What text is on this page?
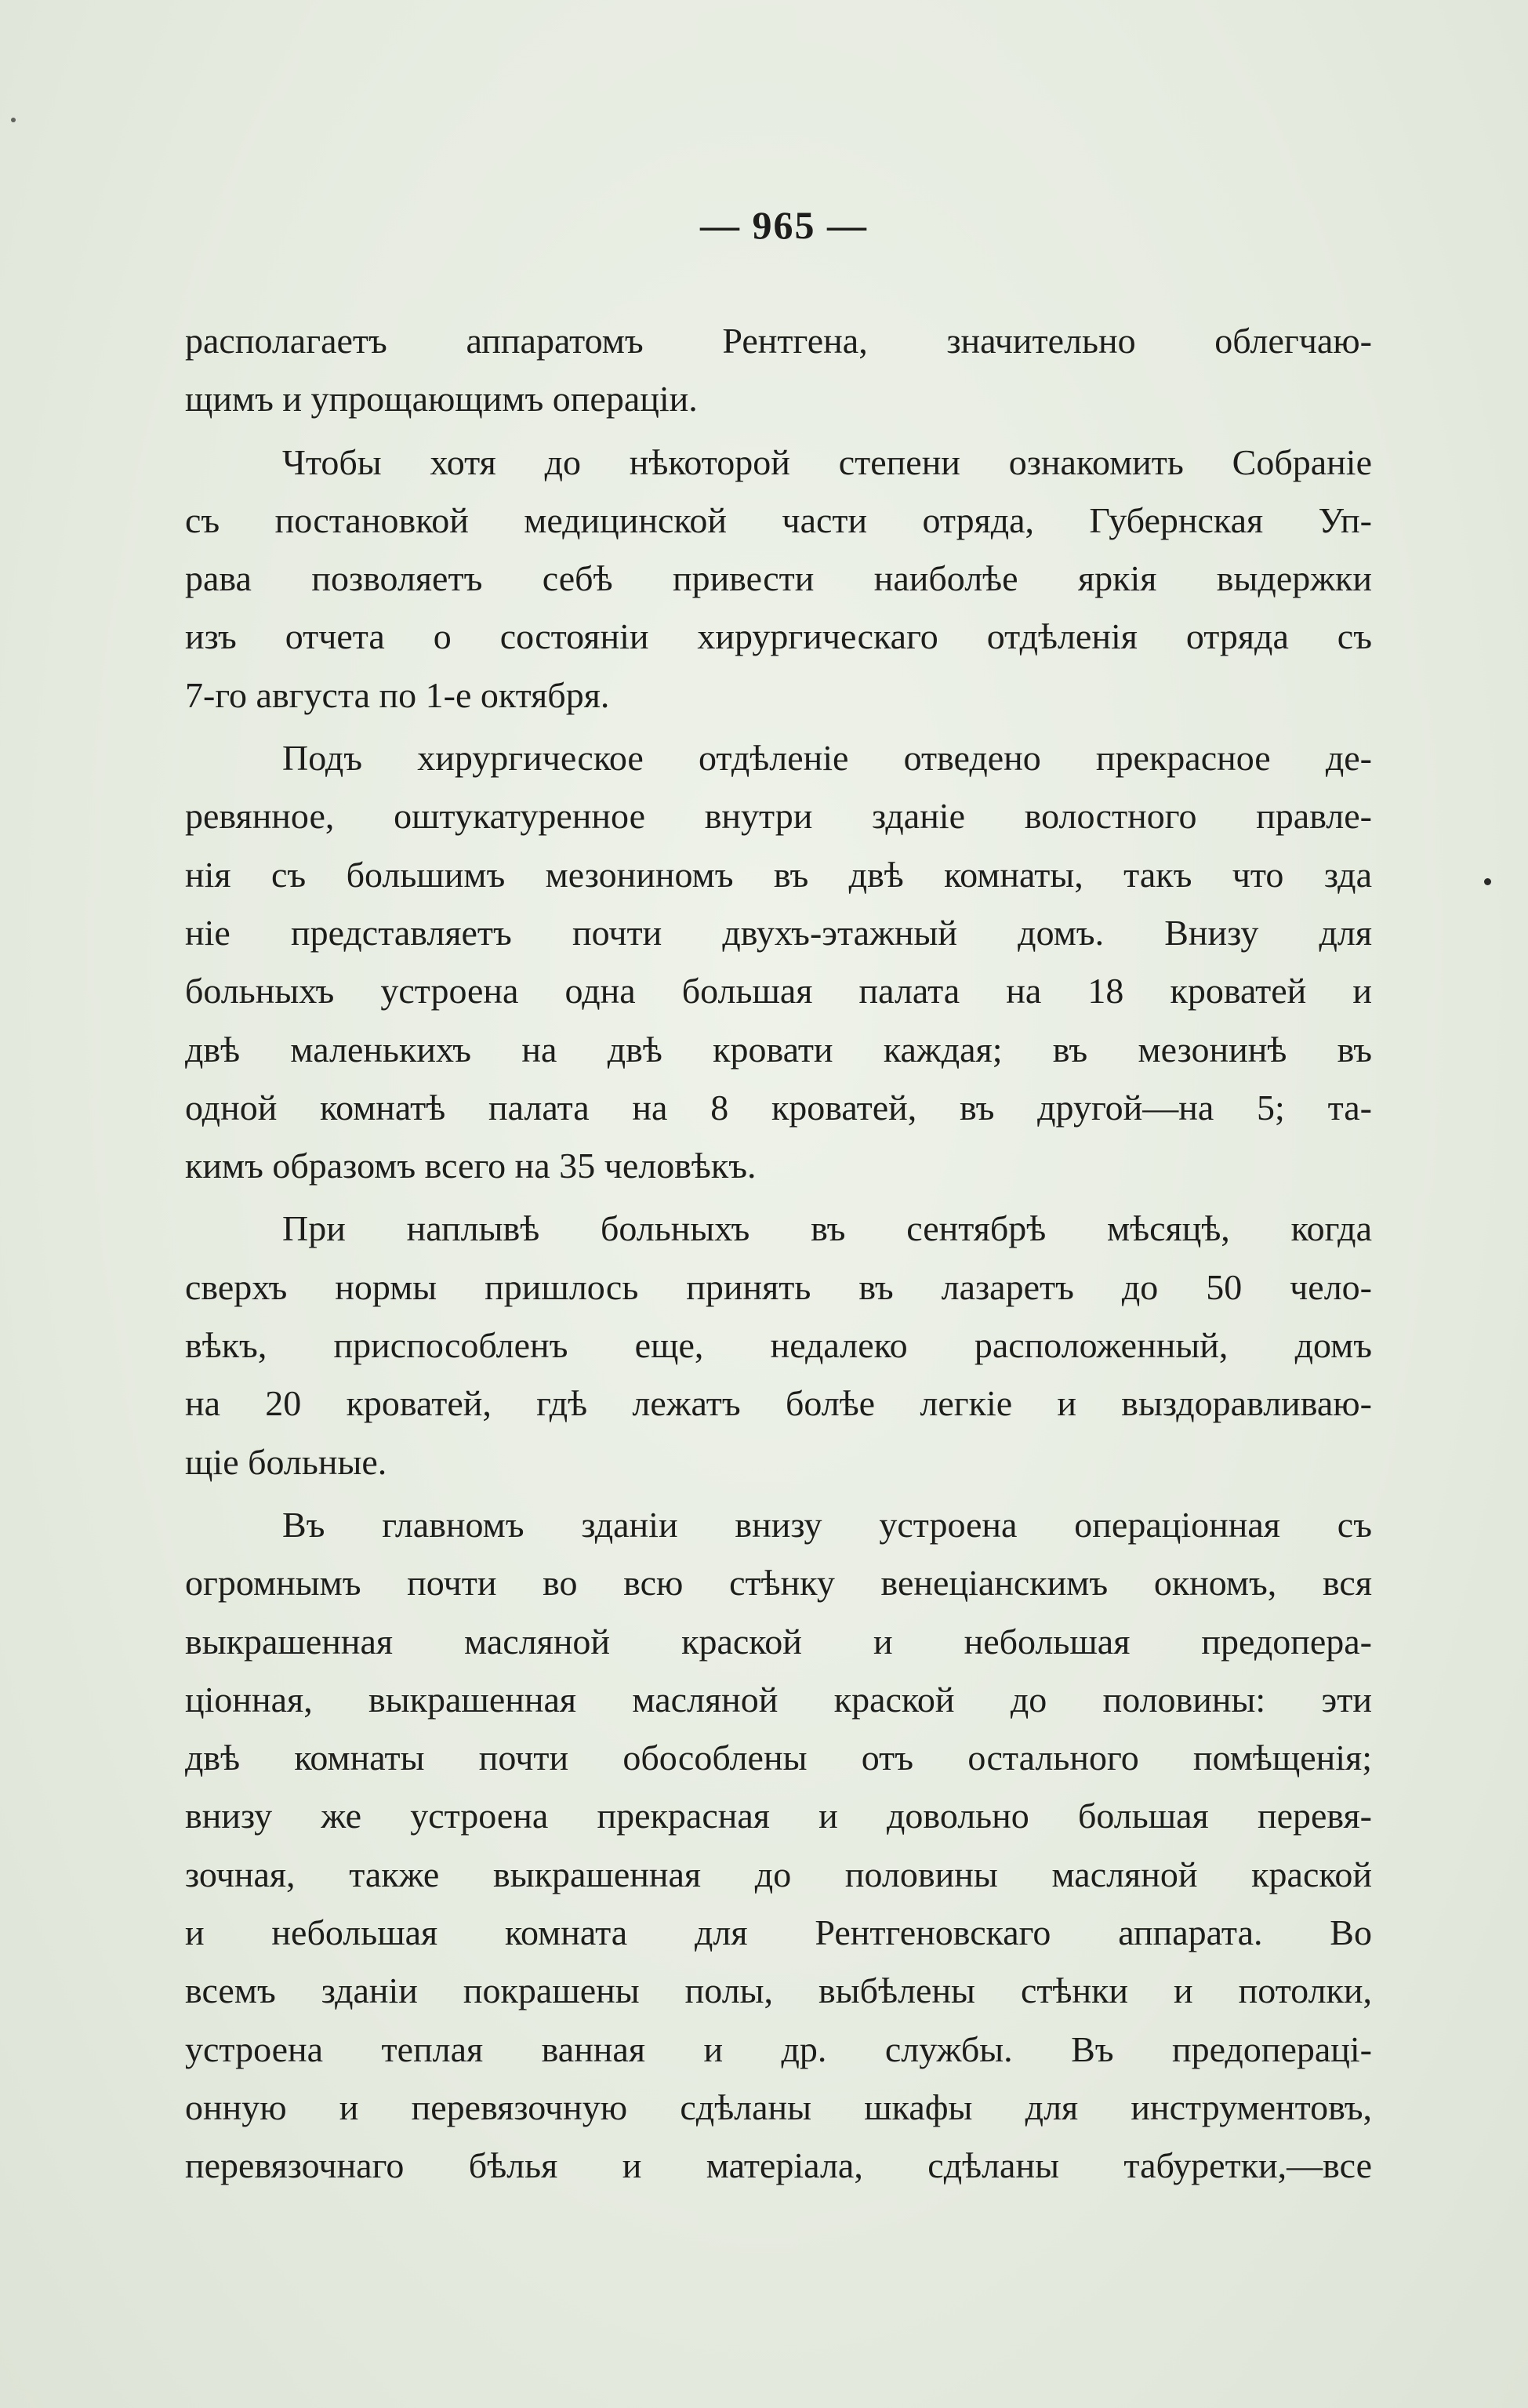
— 965 —
располагаетъ аппаратомъ Рентгена, значительно облегчаю-
щимъ и упрощающимъ операціи.
Чтобы хотя до нѣкоторой степени ознакомить Собраніе
съ постановкой медицинской части отряда, Губернская Уп-
рава позволяетъ себѣ привести наиболѣе яркія выдержки
изъ отчета о состояніи хирургическаго отдѣленія отряда съ
7-го августа по 1-е октября.
Подъ хирургическое отдѣленіе отведено прекрасное де-
ревянное, оштукатуренное внутри зданіе волостного правле-
нія съ большимъ мезониномъ въ двѣ комнаты, такъ что зда
ніе представляетъ почти двухъ-этажный домъ. Внизу для
больныхъ устроена одна большая палата на 18 кроватей и
двѣ маленькихъ на двѣ кровати каждая; въ мезонинѣ въ
одной комнатѣ палата на 8 кроватей, въ другой—на 5; та-
кимъ образомъ всего на 35 человѣкъ.
При наплывѣ больныхъ въ сентябрѣ мѣсяцѣ, когда
сверхъ нормы пришлось принять въ лазаретъ до 50 чело-
вѣкъ, приспособленъ еще, недалеко расположенный, домъ
на 20 кроватей, гдѣ лежатъ болѣе легкіе и выздоравливаю-
щіе больные.
Въ главномъ зданіи внизу устроена операціонная съ
огромнымъ почти во всю стѣнку венеціанскимъ окномъ, вся
выкрашенная масляной краской и небольшая предопера-
ціонная, выкрашенная масляной краской до половины: эти
двѣ комнаты почти обособлены отъ остального помѣщенія;
внизу же устроена прекрасная и довольно большая перевя-
зочная, также выкрашенная до половины масляной краской
и небольшая комната для Рентгеновскаго аппарата. Во
всемъ зданіи покрашены полы, выбѣлены стѣнки и потолки,
устроена теплая ванная и др. службы. Въ предопераці-
онную и перевязочную сдѣланы шкафы для инструментовъ,
перевязочнаго бѣлья и матеріала, сдѣланы табуретки,—все
